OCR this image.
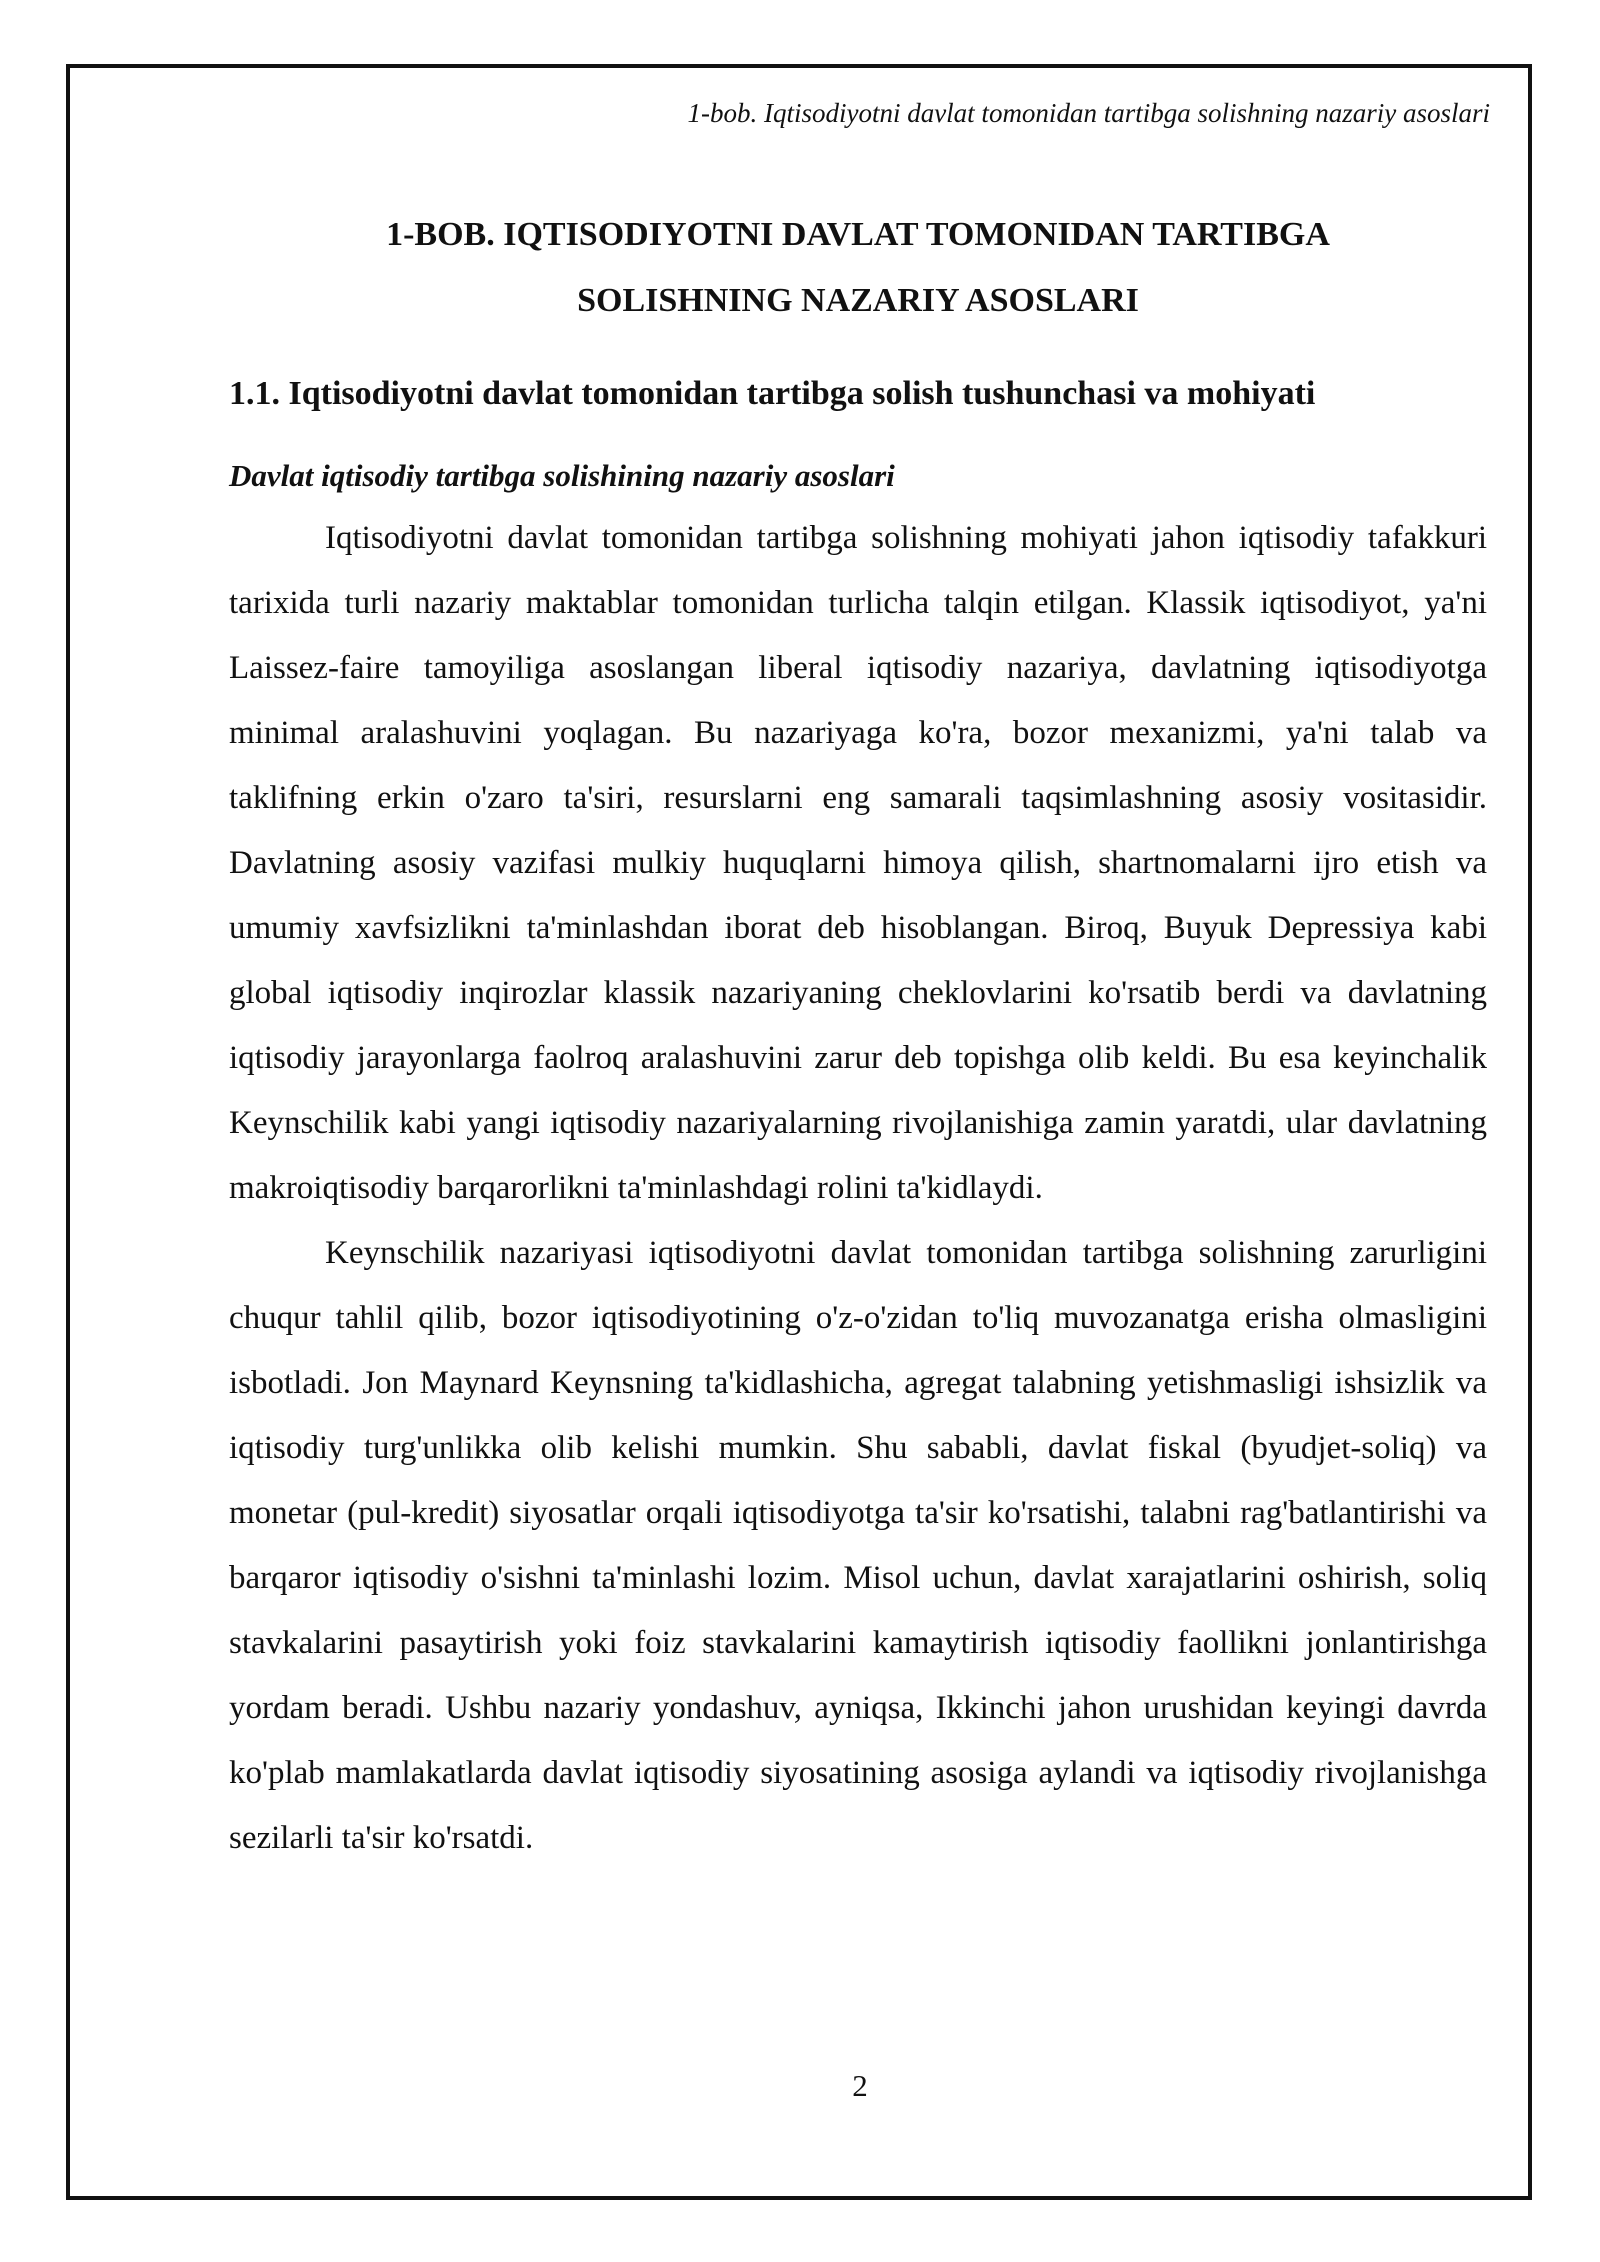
1-bob. Iqtisodiyotni davlat tomonidan tartibga solishning nazariy asoslari
1-BOB. IQTISODIYOTNI DAVLAT TOMONIDAN TARTIBGA
SOLISHNING NAZARIY ASOSLARI
1.1. Iqtisodiyotni davlat tomonidan tartibga solish tushunchasi va mohiyati
Davlat iqtisodiy tartibga solishining nazariy asoslari

Iqtisodiyotni davlat tomonidan tartibga solishning mohiyati jahon iqtisodiy tafakkuri tarixida turli nazariy maktablar tomonidan turlicha talqin etilgan. Klassik iqtisodiyot, ya'ni Laissez-faire tamoyiliga asoslangan liberal iqtisodiy nazariya, davlatning iqtisodiyotga minimal aralashuvini yoqlagan. Bu nazariyaga ko'ra, bozor mexanizmi, ya'ni talab va taklifning erkin o'zaro ta'siri, resurslarni eng samarali taqsimlashning asosiy vositasidir. Davlatning asosiy vazifasi mulkiy huquqlarni himoya qilish, shartnomalarni ijro etish va umumiy xavfsizlikni ta'minlashdan iborat deb hisoblangan. Biroq, Buyuk Depressiya kabi global iqtisodiy inqirozlar klassik nazariyaning cheklovlarini ko'rsatib berdi va davlatning iqtisodiy jarayonlarga faolroq aralashuvini zarur deb topishga olib keldi. Bu esa keyinchalik Keynschilik kabi yangi iqtisodiy nazariyalarning rivojlanishiga zamin yaratdi, ular davlatning makroiqtisodiy barqarorlikni ta'minlashdagi rolini ta'kidlaydi.

Keynschilik nazariyasi iqtisodiyotni davlat tomonidan tartibga solishning zarurligini chuqur tahlil qilib, bozor iqtisodiyotining o'z-o'zidan to'liq muvozanatga erisha olmasligini isbotladi. Jon Maynard Keynsning ta'kidlashicha, agregat talabning yetishmasligi ishsizlik va iqtisodiy turg'unlikka olib kelishi mumkin. Shu sababli, davlat fiskal (byudjet-soliq) va monetar (pul-kredit) siyosatlar orqali iqtisodiyotga ta'sir ko'rsatishi, talabni rag'batlantirishi va barqaror iqtisodiy o'sishni ta'minlashi lozim. Misol uchun, davlat xarajatlarini oshirish, soliq stavkalarini pasaytirish yoki foiz stavkalarini kamaytirish iqtisodiy faollikni jonlantirishga yordam beradi. Ushbu nazariy yondashuv, ayniqsa, Ikkinchi jahon urushidan keyingi davrda ko'plab mamlakatlarda davlat iqtisodiy siyosatining asosiga aylandi va iqtisodiy rivojlanishga sezilarli ta'sir ko'rsatdi.

2
